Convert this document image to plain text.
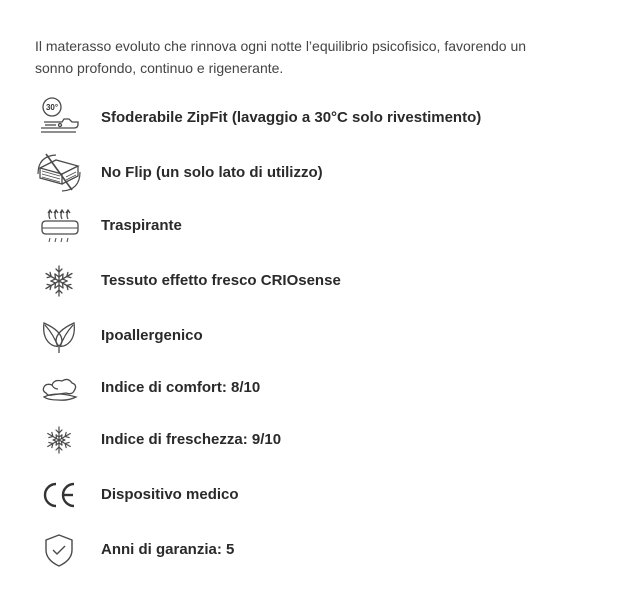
Il materasso evoluto che rinnova ogni notte l’equilibrio psicofisico, favorendo un
sonno profondo, continuo e rigenerante.
30°
Sfoderabile ZipFit (lavaggio a 30°C solo rivestimento)
No Flip (un solo lato di utilizzo)
Traspirante
Tessuto effetto fresco CRIOsense
Ipoallergenico
Indice di comfort: 8/10
Indice di freschezza: 9/10
Dispositivo medico
Anni di garanzia: 5
